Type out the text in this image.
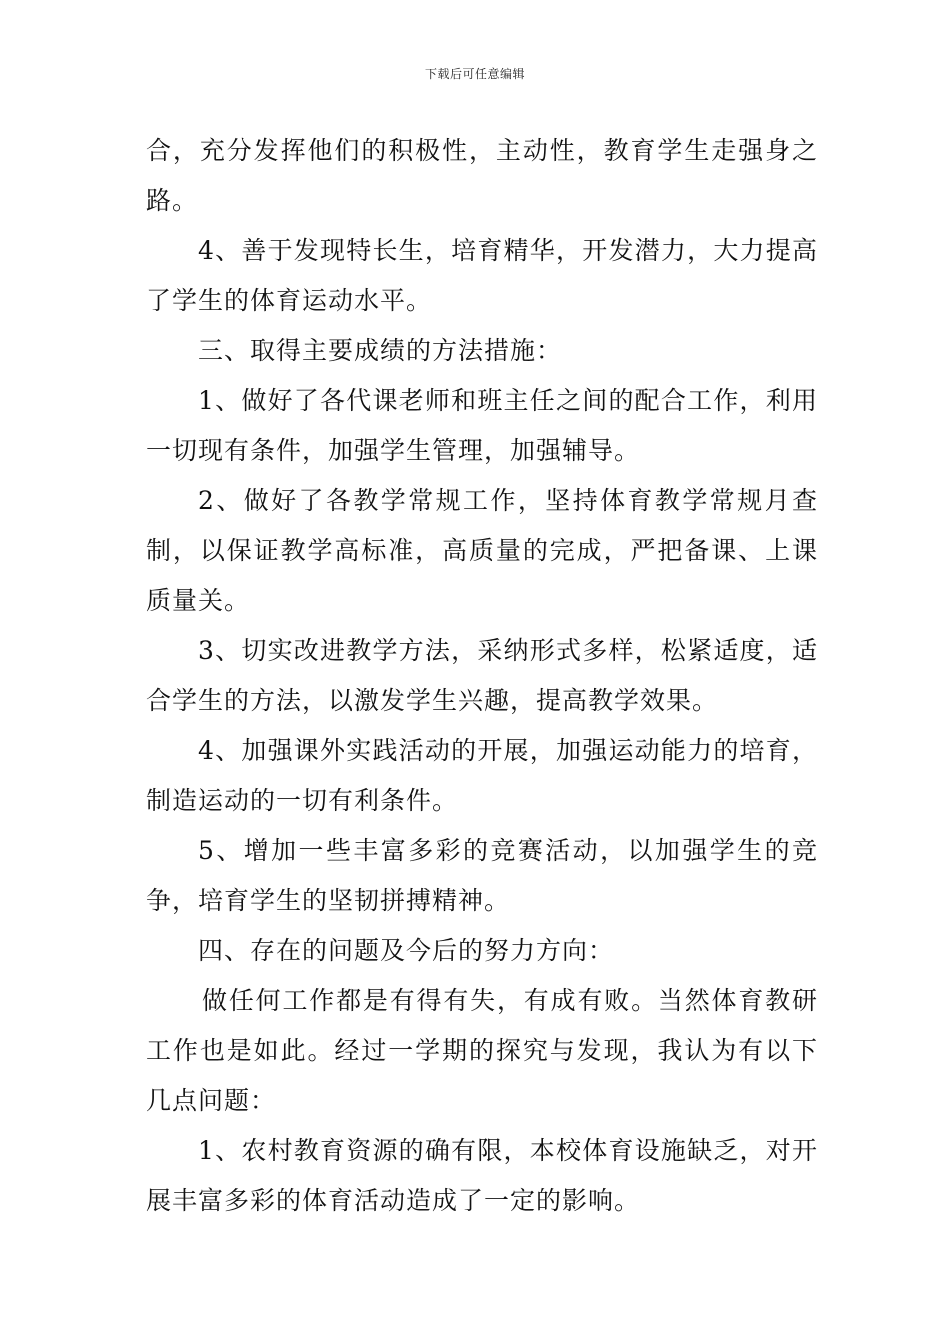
下载后可任意编辑

合，充分发挥他们的积极性，主动性，教育学生走强身之路。

4、善于发现特长生，培育精华，开发潜力，大力提高了学生的体育运动水平。

三、取得主要成绩的方法措施：

1、做好了各代课老师和班主任之间的配合工作，利用一切现有条件，加强学生管理，加强辅导。

2、做好了各教学常规工作，坚持体育教学常规月查制，以保证教学高标准，高质量的完成，严把备课、上课质量关。

3、切实改进教学方法，采纳形式多样，松紧适度，适合学生的方法，以激发学生兴趣，提高教学效果。

4、加强课外实践活动的开展，加强运动能力的培育，制造运动的一切有利条件。

5、增加一些丰富多彩的竞赛活动，以加强学生的竞争，培育学生的坚韧拼搏精神。

四、存在的问题及今后的努力方向：

做任何工作都是有得有失，有成有败。当然体育教研工作也是如此。经过一学期的探究与发现，我认为有以下几点问题：

1、农村教育资源的确有限，本校体育设施缺乏，对开展丰富多彩的体育活动造成了一定的影响。
